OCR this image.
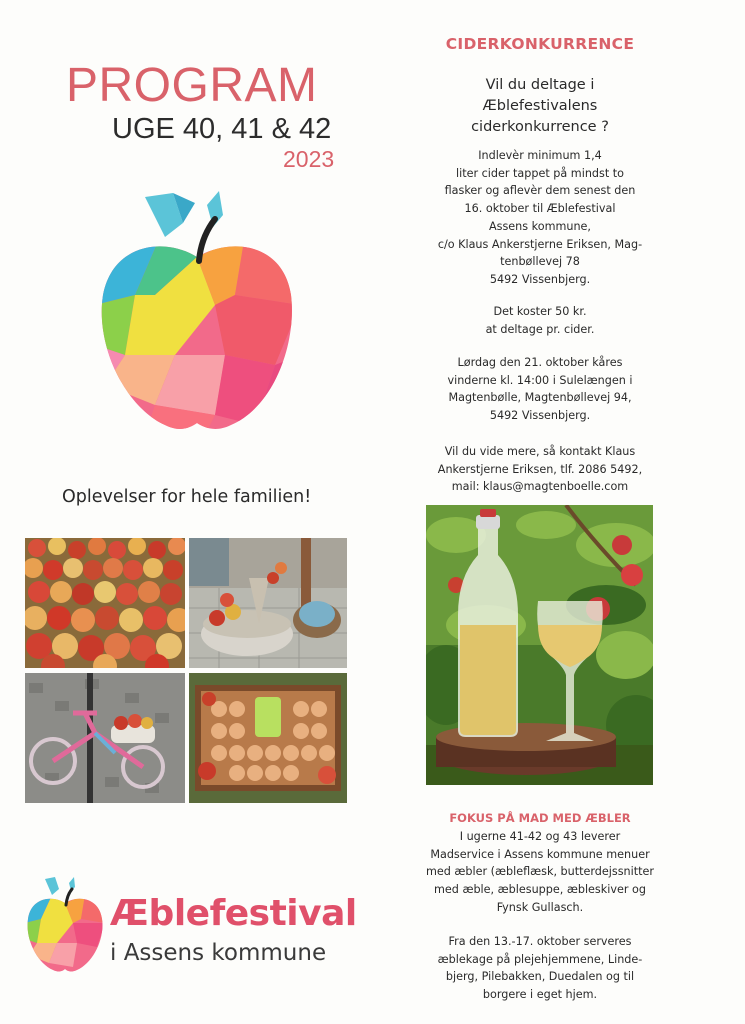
PROGRAM
UGE 40, 41 & 42
2023
Oplevelser for hele familien!
Æblefestival
i Assens kommune
CIDERKONKURRENCE
Vil du deltage i
Æblefestivalens
ciderkonkurrence ?
Indlevèr minimum 1,4
liter cider tappet på mindst to
flasker og aflevèr dem senest den
16. oktober til Æblefestival
Assens kommune,
c/o Klaus Ankerstjerne Eriksen, Mag-
tenbøllevej 78
5492 Vissenbjerg.
Det koster 50 kr.
at deltage pr. cider.
Lørdag den 21. oktober kåres
vinderne kl. 14:00 i Sulelængen i
Magtenbølle, Magtenbøllevej 94,
5492 Vissenbjerg.
Vil du vide mere, så kontakt Klaus
Ankerstjerne Eriksen, tlf. 2086 5492,
mail: klaus@magtenboelle.com
FOKUS PÅ MAD MED ÆBLER
I ugerne 41-42 og 43 leverer
Madservice i Assens kommune menuer
med æbler (æbleflæsk, butterdejssnitter
med æble, æblesuppe, æbleskiver og
Fynsk Gullasch.
Fra den 13.-17. oktober serveres
æblekage på plejehjemmene, Linde-
bjerg, Pilebakken, Duedalen og til
borgere i eget hjem.
